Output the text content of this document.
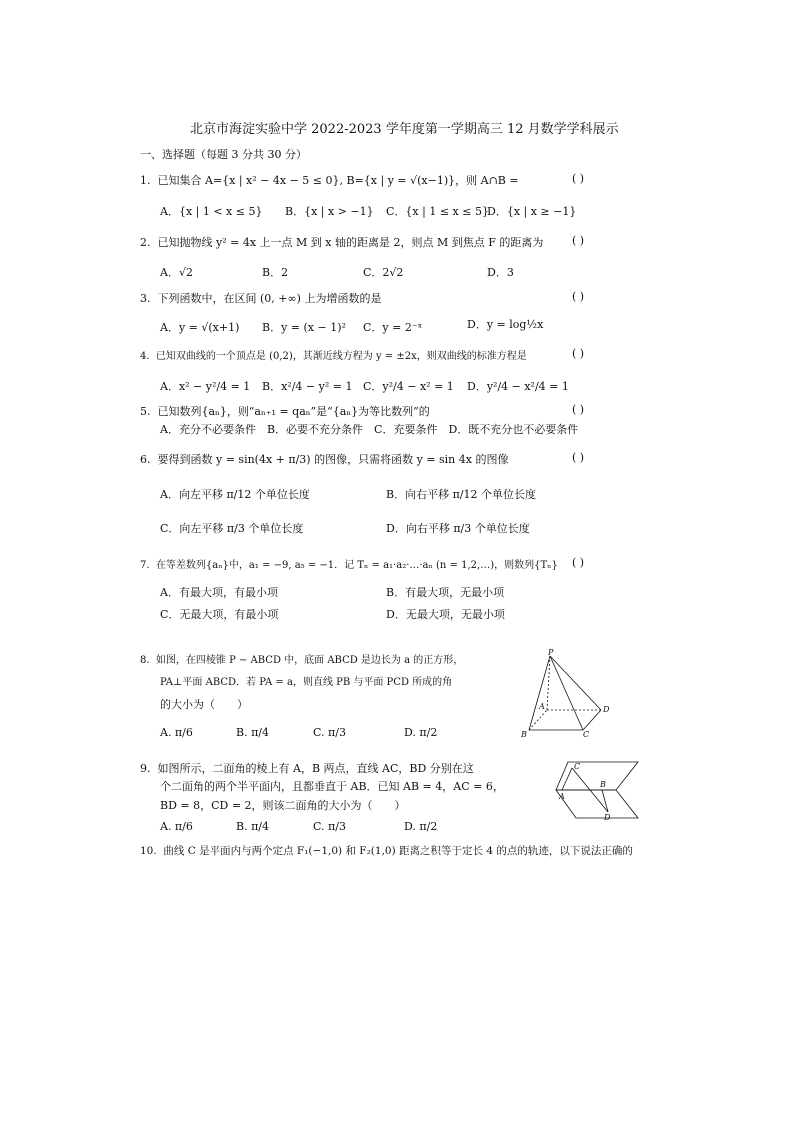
北京市海淀实验中学 2022-2023 学年度第一学期高三 12 月数学学科展示
一、选择题（每题 3 分共 30 分）
1. 已知集合 A={x | x² − 4x − 5 ≤ 0}, B={x | y = √(x−1)}，则 A∩B =	( )
A．{x | 1 < x ≤ 5} B．{x | x > −1} C．{x | 1 ≤ x ≤ 5}
D．{x | x ≥ −1}
2. 已知抛物线 y² = 4x 上一点 M 到 x 轴的距离是 2，则点 M 到焦点 F 的距离为	( )
A．√2	B．2	C．2√2	D．3
3. 下列函数中，在区间 (0, +∞) 上为增函数的是	( )
A．y = √(x+1) B．y = (x − 1)² C．y = 2⁻ˣ	D．y = log½x
4. 已知双曲线的一个顶点是 (0,2)，其渐近线方程为 y = ±2x，则双曲线的标准方程是	( )
A．x² − y²/4 = 1 B．x²/4 − y² = 1 C．y²/4 − x² = 1 D．y²/4 − x²/4 = 1
5. 已知数列{aₙ}，则“aₙ₊₁ = qaₙ”是“{aₙ}为等比数列”的	( )
A．充分不必要条件　B．必要不充分条件　C．充要条件　D．既不充分也不必要条件
6. 要得到函数 y = sin(4x + π/3) 的图像，只需将函数 y = sin 4x 的图像	( )
A．向左平移 π/12 个单位长度	B．向右平移 π/12 个单位长度
C．向左平移 π/3 个单位长度	D．向右平移 π/3 个单位长度
7. 在等差数列{aₙ}中，a₁ = −9, a₅ = −1．记 Tₙ = a₁·a₂·…·aₙ (n = 1,2,…)，则数列{Tₙ} ( )
A．有最大项，有最小项	B．有最大项，无最小项
C．无最大项，有最小项	D．无最大项，无最小项
8. 如图，在四棱锥 P − ABCD 中，底面 ABCD 是边长为 a 的正方形，
PA⊥平面 ABCD．若 PA = a，则直线 PB 与平面 PCD 所成的角
的大小为（　　）
A. π/6	B. π/4	C. π/3	D. π/2
P
A
B	C
D
9. 如图所示，二面角的棱上有 A，B 两点，直线 AC，BD 分别在这
个二面角的两个半平面内，且都垂直于 AB．已知 AB = 4，AC = 6，
BD = 8，CD = 2，则该二面角的大小为（　　）
A. π/6	B. π/4	C. π/3	D. π/2
C
A
B
D
10. 曲线 C 是平面内与两个定点 F₁(−1,0) 和 F₂(1,0) 距离之积等于定长 4 的点的轨迹，以下说法正确的
